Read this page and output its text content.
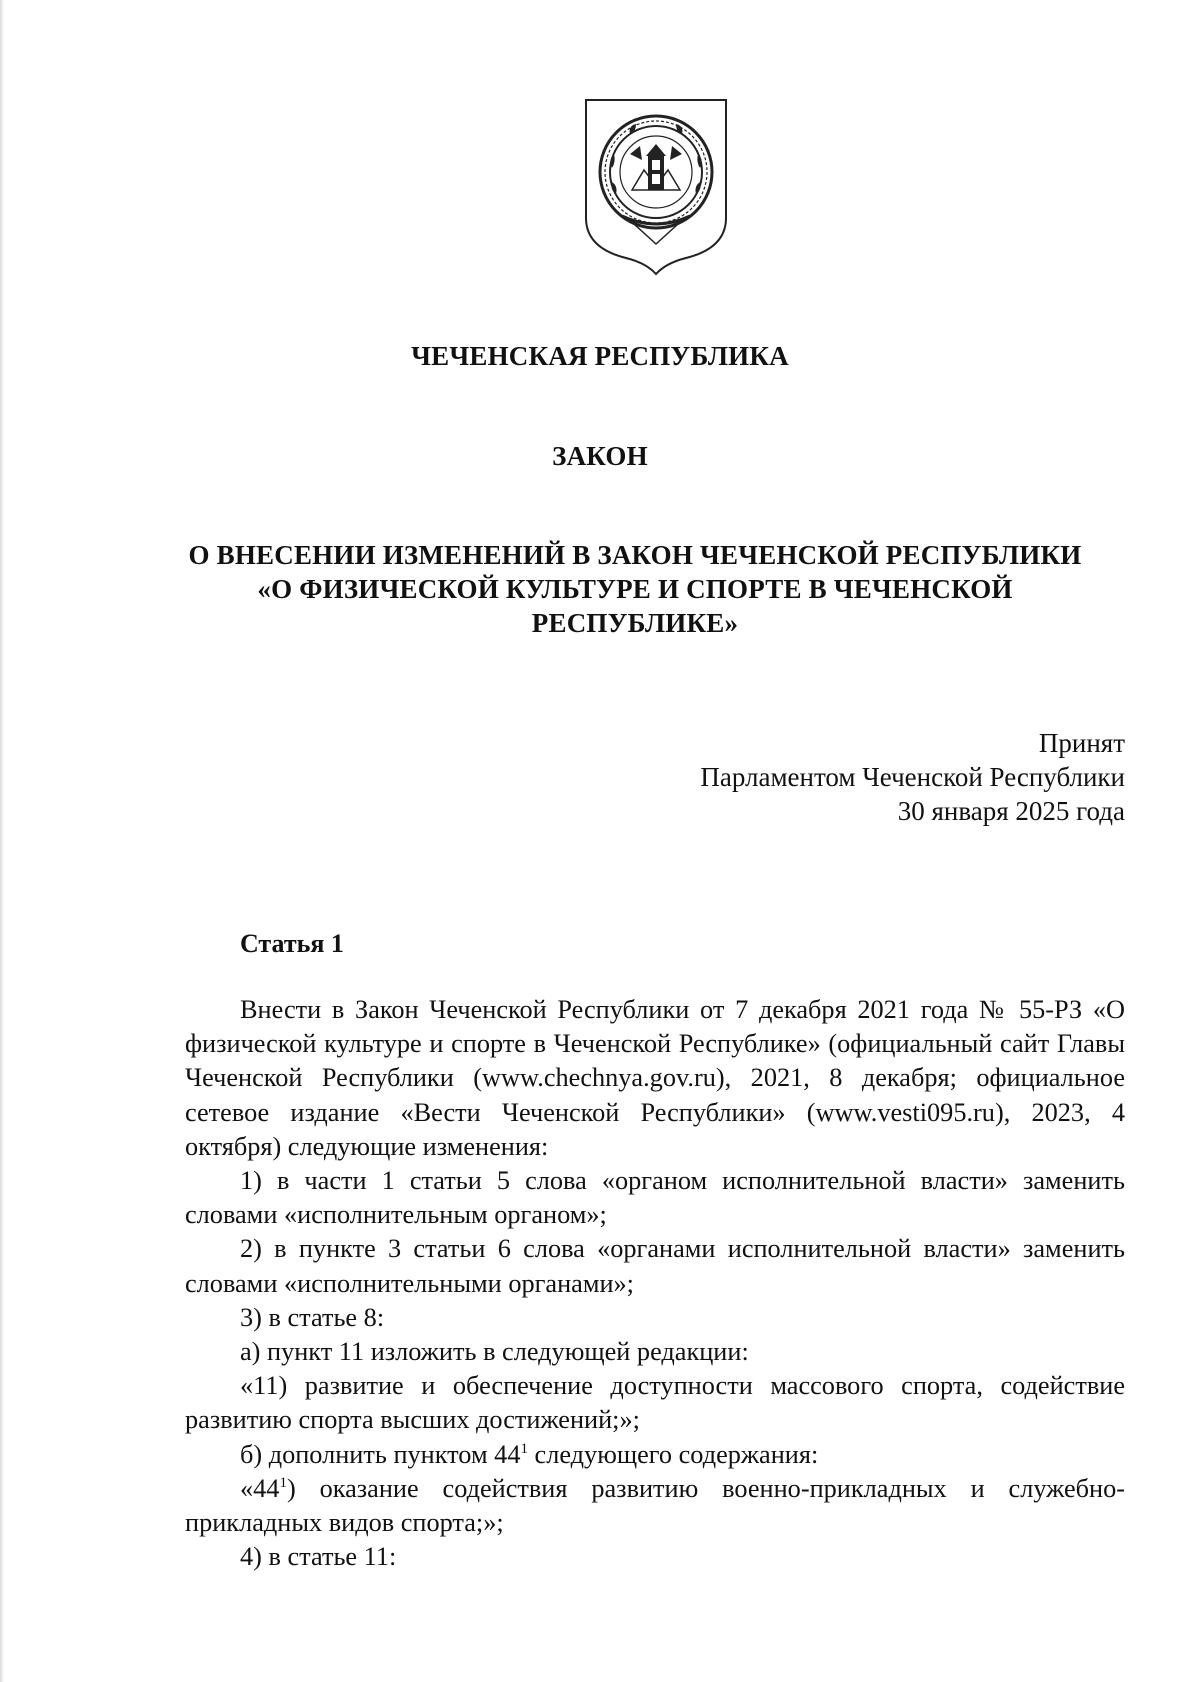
ЧЕЧЕНСКАЯ РЕСПУБЛИКА
ЗАКОН
О ВНЕСЕНИИ ИЗМЕНЕНИЙ В ЗАКОН ЧЕЧЕНСКОЙ РЕСПУБЛИКИ
«О ФИЗИЧЕСКОЙ КУЛЬТУРЕ И СПОРТЕ В ЧЕЧЕНСКОЙ
РЕСПУБЛИКЕ»
Принят
Парламентом Чеченской Республики
30 января 2025 года
Статья 1

Внести в Закон Чеченской Республики от 7 декабря 2021 года № 55-РЗ «О физической культуре и спорте в Чеченской Республике» (официальный сайт Главы Чеченской Республики (www.chechnya.gov.ru), 2021, 8 декабря; официальное сетевое издание «Вести Чеченской Республики» (www.vesti095.ru), 2023, 4 октября) следующие изменения:

1) в части 1 статьи 5 слова «органом исполнительной власти» заменить словами «исполнительным органом»;

2) в пункте 3 статьи 6 слова «органами исполнительной власти» заменить словами «исполнительными органами»;

3) в статье 8:

а) пункт 11 изложить в следующей редакции:

«11) развитие и обеспечение доступности массового спорта, содействие развитию спорта высших достижений;»;

б) дополнить пунктом $44^1$ следующего содержания:

«$44^1$) оказание содействия развитию военно-прикладных и служебно-прикладных видов спорта;»;

4) в статье 11:
